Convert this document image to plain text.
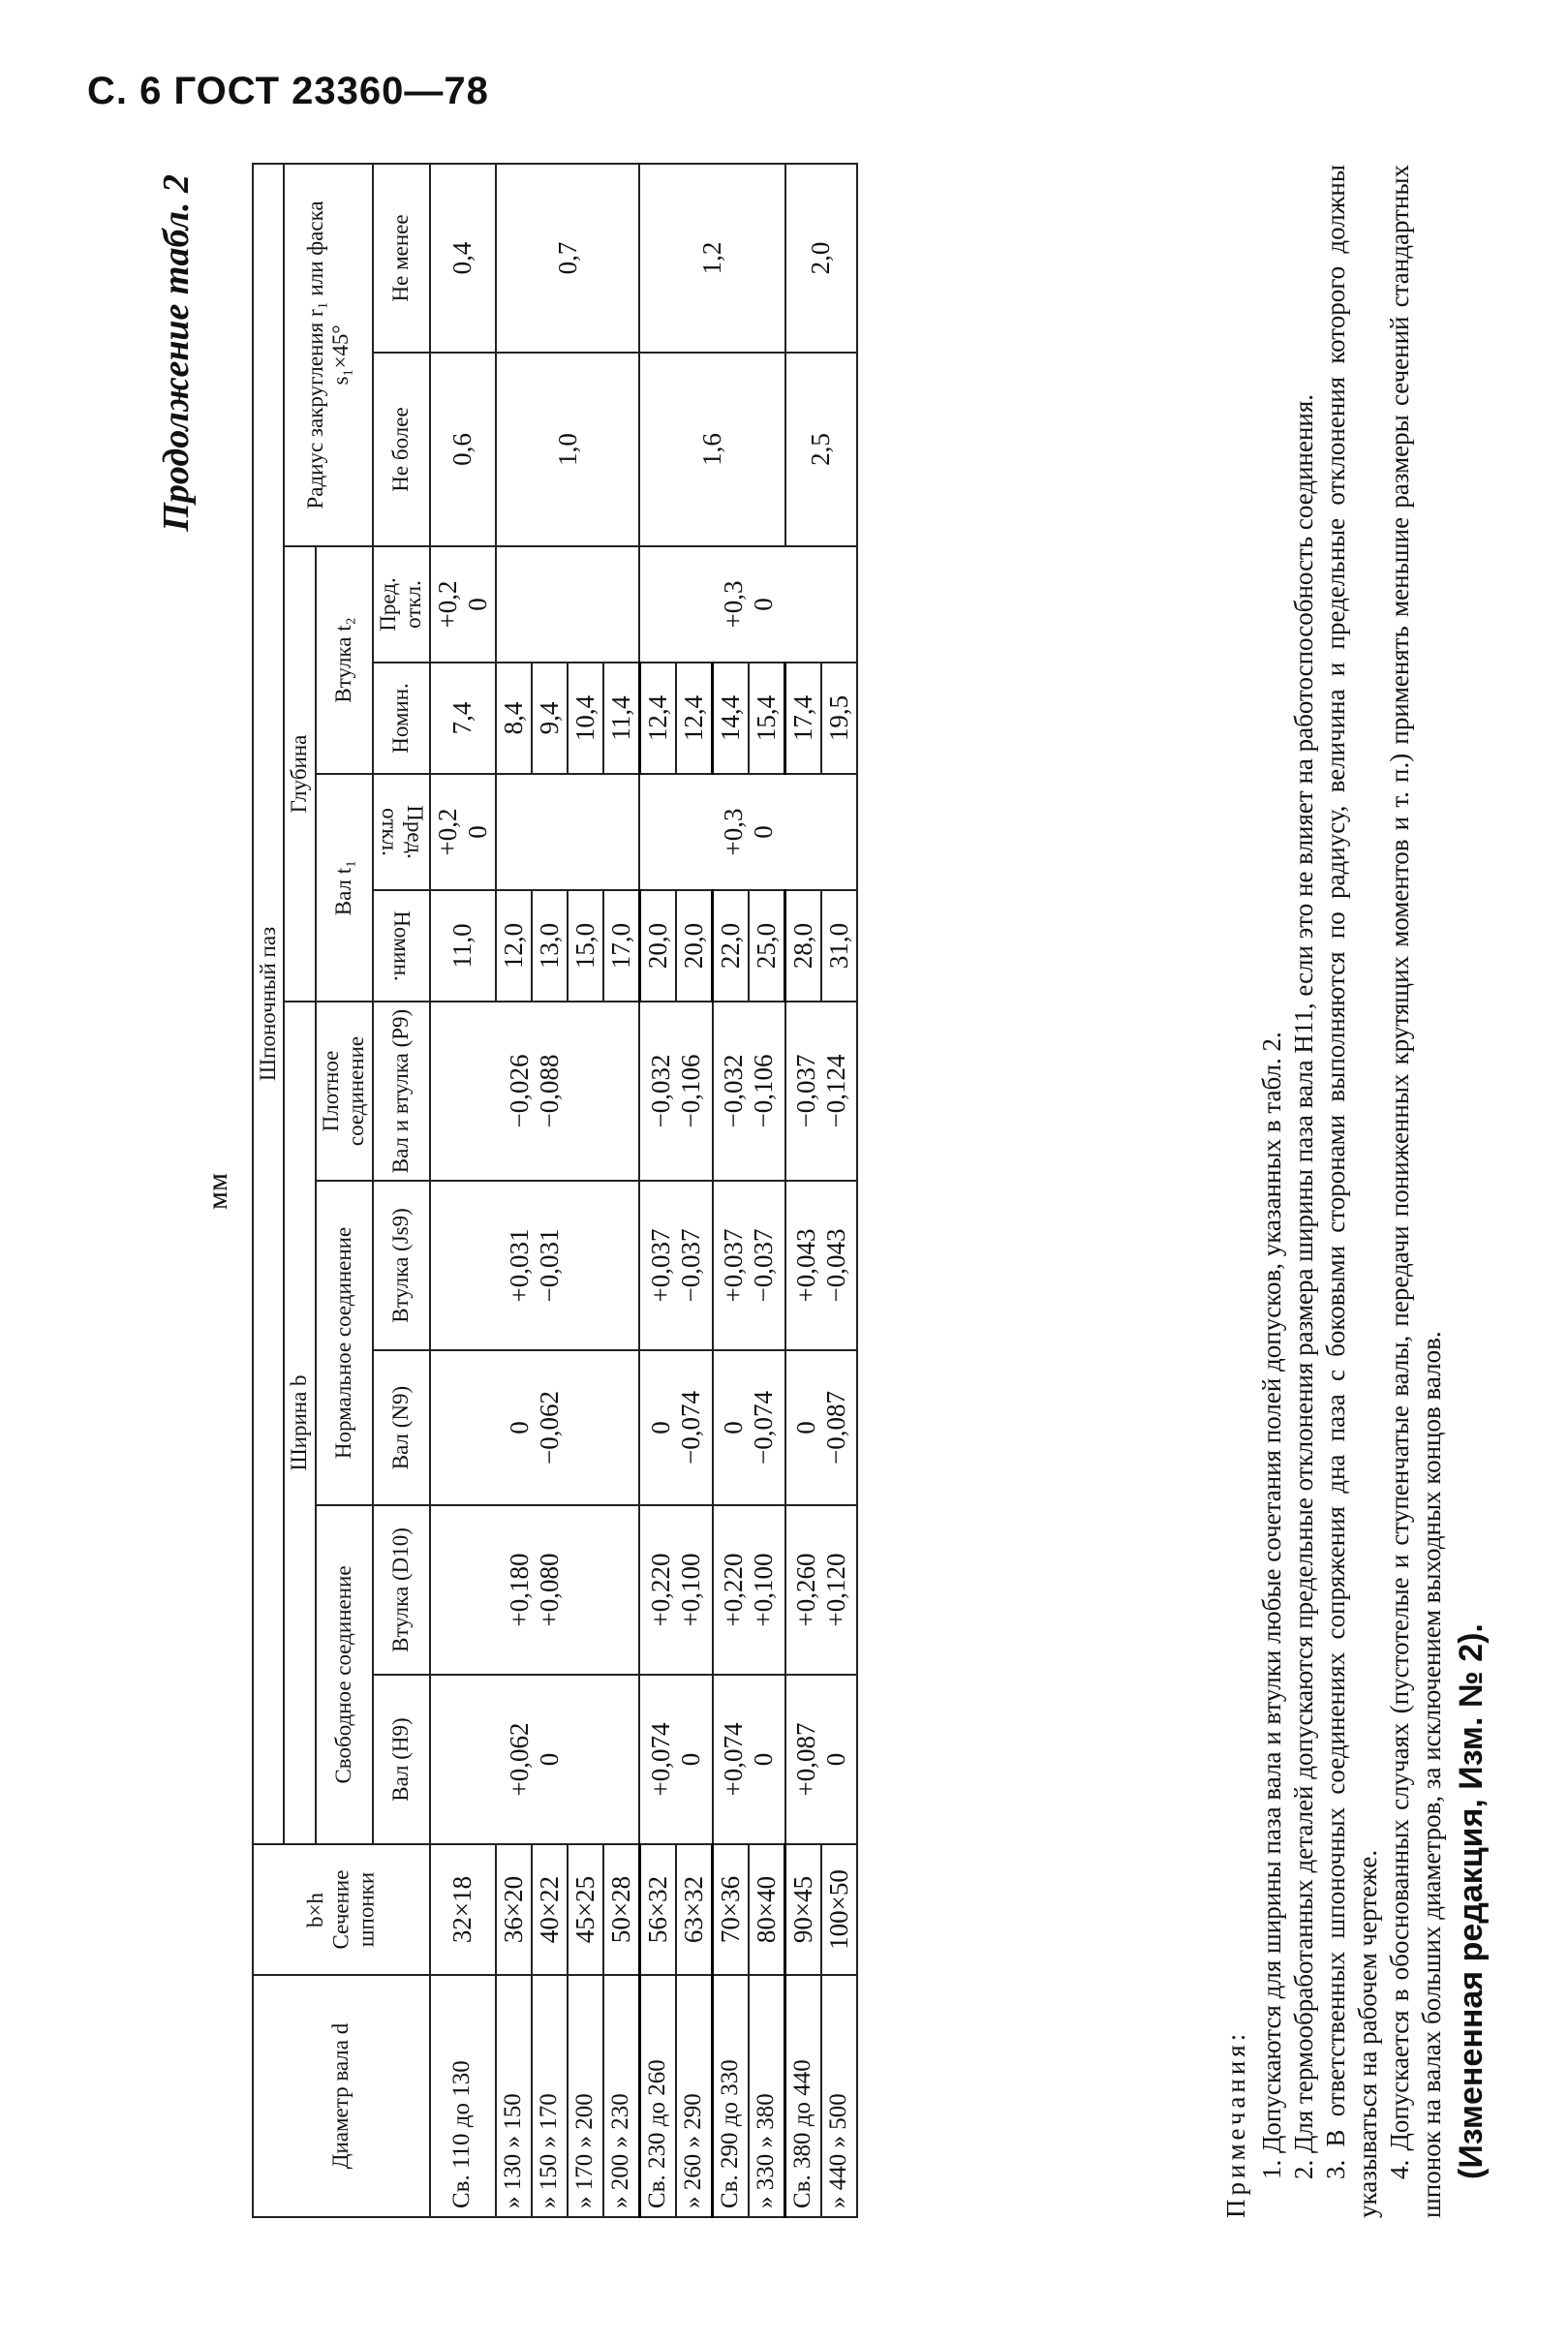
С. 6 ГОСТ 23360—78
Продолжение табл. 2
мм
Диаметр вала d	Сечение шпонкиb×h	Шпоночный паз										
		Ширина b					Глубина				Радиус закругления r₁ или фаска s₁×45°	
		Свободное соединение		Нормальное соединение		Плотное соединение	Вал t₁		Втулка t₂			
		Вал (H9)	Втулка (D10)	Вал (N9)	Втулка (Js9)	Вал и втулка (P9)	Номин.	Пред. откл.	Номин.	Пред. откл.	Не более	Не менее
Св. 110 до 130	32×18	+0,062 0	+0,180 +0,080	0 −0,062	+0,031 −0,031	−0,026 −0,088	11,0	+0,2 0	7,4	+0,2 0	0,6	0,4
» 130 » 150	36×20						12,0		8,4		1,0	0,7
» 150 » 170	40×22						13,0		9,4			
» 170 » 200	45×25						15,0		10,4			
» 200 » 230	50×28						17,0		11,4			
Св. 230 до 260	56×32	+0,074 0	+0,220 +0,100	0 −0,074	+0,037 −0,037	−0,032 −0,106	20,0	+0,3 0	12,4	+0,3 0	1,6	1,2
» 260 » 290	63×32						20,0		12,4			
Св. 290 до 330	70×36	+0,074 0	+0,220 +0,100	0 −0,074	+0,037 −0,037	−0,032 −0,106	22,0		14,4			
» 330 » 380	80×40						25,0		15,4			
Св. 380 до 440	90×45	+0,087 0	+0,260 +0,120	0 −0,087	+0,043 −0,043	−0,037 −0,124	28,0		17,4		2,5	2,0
» 440 » 500	100×50						31,0		19,5			

Примечания: 1. Допускаются для ширины паза вала и втулки любые сочетания полей допусков, указанных в табл. 2. 2. Для термообработанных деталей допускаются предельные отклонения размера ширины паза вала H11, если это не влияет на работоспособность соединения. 3. В ответственных шпоночных соединениях сопряжения дна паза с боковыми сторонами выполняются по радиусу, величина и предельные отклонения которого должны указываться на рабочем чертеже. 4. Допускается в обоснованных случаях (пустотелые и ступенчатые валы, передачи пониженных крутящих моментов и т. п.) применять меньшие размеры сечений стандартных шпонок на валах больших диаметров, за исключением выходных концов валов. (Измененная редакция, Изм. № 2).
